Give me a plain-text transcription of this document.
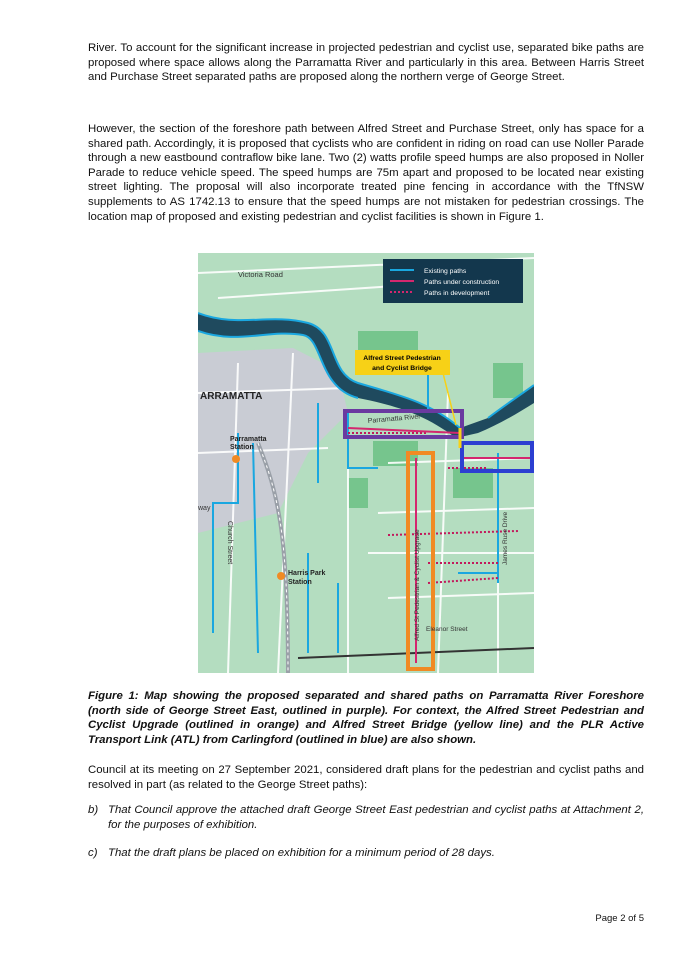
River. To account for the significant increase in projected pedestrian and cyclist use, separated bike paths are proposed where space allows along the Parramatta River and particularly in this area. Between Harris Street and Purchase Street separated paths are proposed along the northern verge of George Street.

However, the section of the foreshore path between Alfred Street and Purchase Street, only has space for a shared path. Accordingly, it is proposed that cyclists who are confident in riding on road can use Noller Parade through a new eastbound contraflow bike lane. Two (2) watts profile speed humps are also proposed in Noller Parade to reduce vehicle speed. The speed humps are 75m apart and proposed to be located near existing street lighting. The proposal will also incorporate treated pine fencing in accordance with the TfNSW supplements to AS 1742.13 to ensure that the speed humps are not mistaken for pedestrian crossings. The location map of proposed and existing pedestrian and cyclist facilities is shown in Figure 1.

Alfred Street Pedestrian
and Cyclist Bridge
Existing paths
Paths under construction
Paths in development
Victoria Road
ARRAMATTA
Parramatta
Station
way
Church Street
Harris Park
Station
Parramatta River
Alfred St Pedestrian & Cyclist Upgrade	James Ruse Drive
Eleanor Street

Figure 1: Map showing the proposed separated and shared paths on Parramatta River Foreshore (north side of George Street East, outlined in purple). For context, the Alfred Street Pedestrian and Cyclist Upgrade (outlined in orange) and Alfred Street Bridge (yellow line) and the PLR Active Transport Link (ATL) from Carlingford (outlined in blue) are also shown.

Council at its meeting on 27 September 2021, considered draft plans for the pedestrian and cyclist paths and resolved in part (as related to the George Street paths):

b) That Council approve the attached draft George Street East pedestrian and cyclist paths at Attachment 2, for the purposes of exhibition.
c) That the draft plans be placed on exhibition for a minimum period of 28 days.
Page 2 of 5
